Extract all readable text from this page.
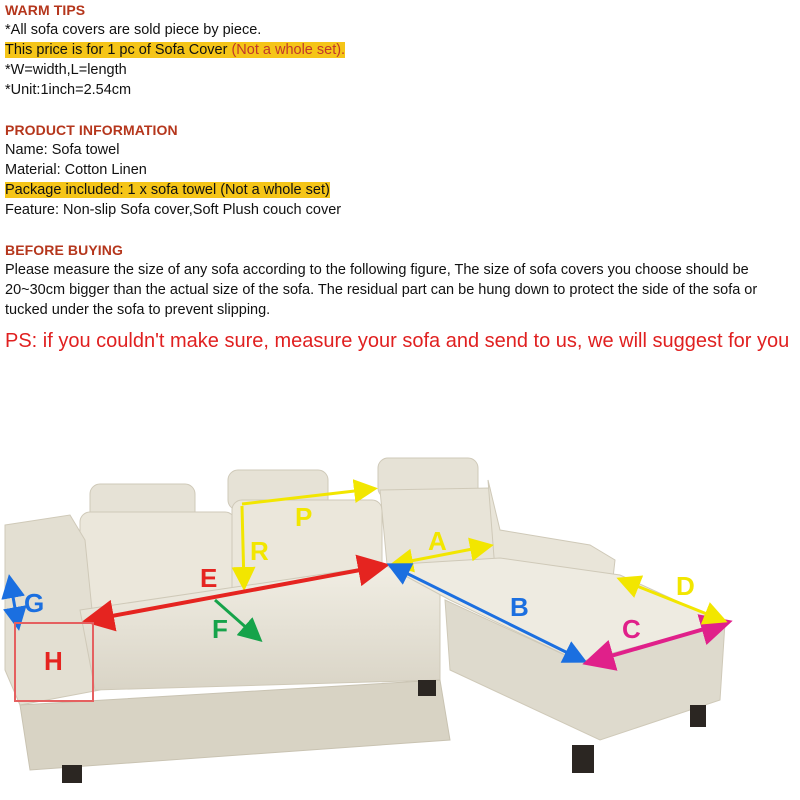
WARM TIPS
*All sofa covers are sold piece by piece.
This price is for 1 pc of Sofa Cover (Not a whole set).
*W=width,L=length
*Unit:1inch=2.54cm
PRODUCT INFORMATION
Name: Sofa towel
Material: Cotton Linen
Package included: 1 x sofa towel (Not a whole set)
Feature: Non-slip Sofa cover,Soft Plush couch cover
BEFORE BUYING
Please measure the size of any sofa according to the following figure, The size of sofa covers you choose should be 20~30cm bigger than the actual size of the sofa. The residual part can be hung down to protect the side of the sofa or tucked under the sofa to prevent slipping.
PS: if you couldn't make sure, measure your sofa and send to us, we will suggest for you
P
R	A
E
F
G
H
B
C
D
